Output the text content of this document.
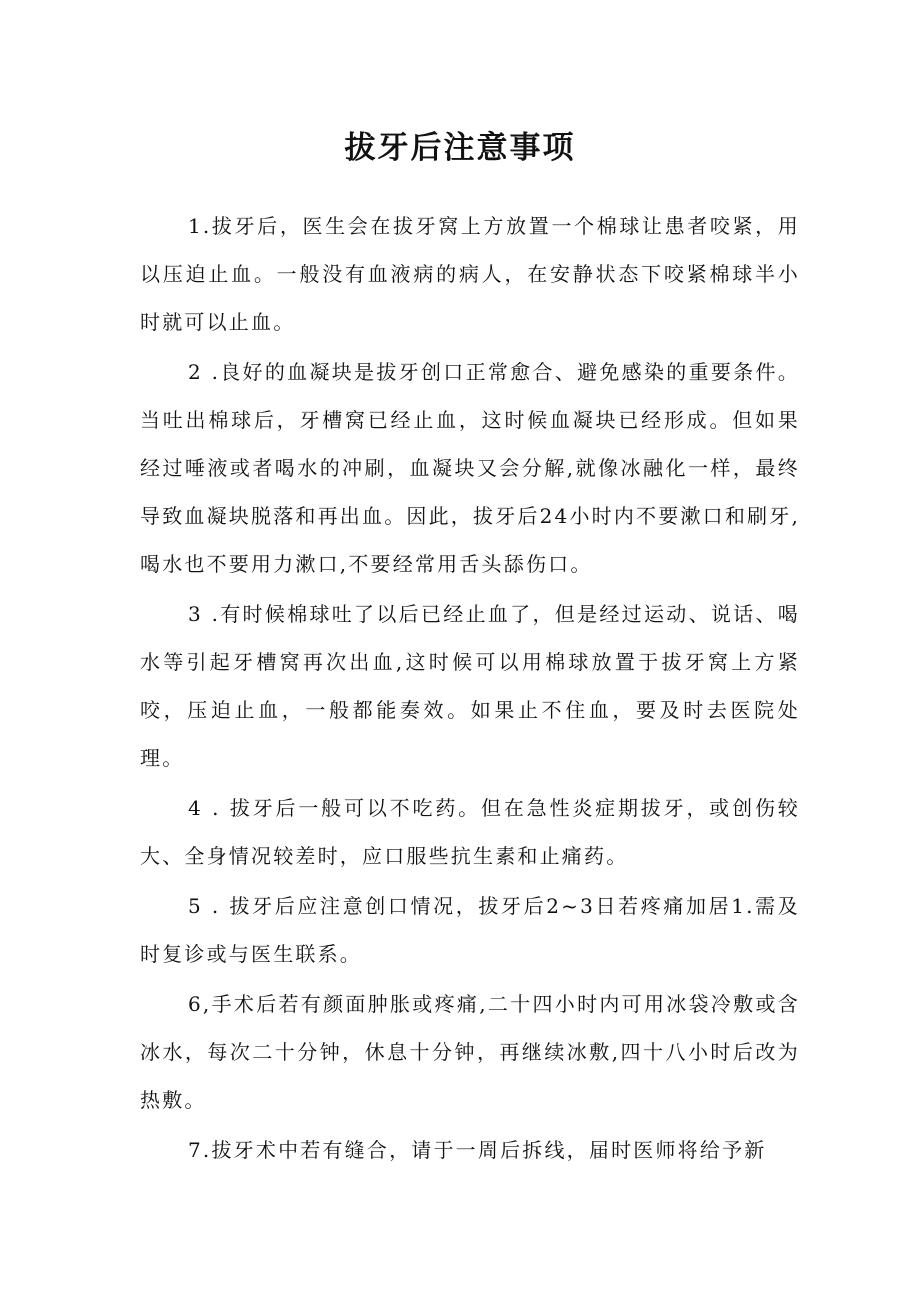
拔牙后注意事项

1.拔牙后，医生会在拔牙窝上方放置一个棉球让患者咬紧，用以压迫止血。一般没有血液病的病人，在安静状态下咬紧棉球半小时就可以止血。

2 .良好的血凝块是拔牙创口正常愈合、避免感染的重要条件。当吐出棉球后，牙槽窝已经止血，这时候血凝块已经形成。但如果经过唾液或者喝水的冲刷，血凝块又会分解,就像冰融化一样，最终导致血凝块脱落和再出血。因此，拔牙后24小时内不要漱口和刷牙,喝水也不要用力漱口,不要经常用舌头舔伤口。

3 .有时候棉球吐了以后已经止血了，但是经过运动、说话、喝水等引起牙槽窝再次出血,这时候可以用棉球放置于拔牙窝上方紧咬，压迫止血，一般都能奏效。如果止不住血，要及时去医院处理。

4 . 拔牙后一般可以不吃药。但在急性炎症期拔牙，或创伤较大、全身情况较差时，应口服些抗生素和止痛药。

5 . 拔牙后应注意创口情况，拔牙后2~3日若疼痛加居1.需及时复诊或与医生联系。

6,手术后若有颜面肿胀或疼痛,二十四小时内可用冰袋冷敷或含冰水，每次二十分钟，休息十分钟，再继续冰敷,四十八小时后改为热敷。

7.拔牙术中若有缝合，请于一周后拆线，届时医师将给予新
